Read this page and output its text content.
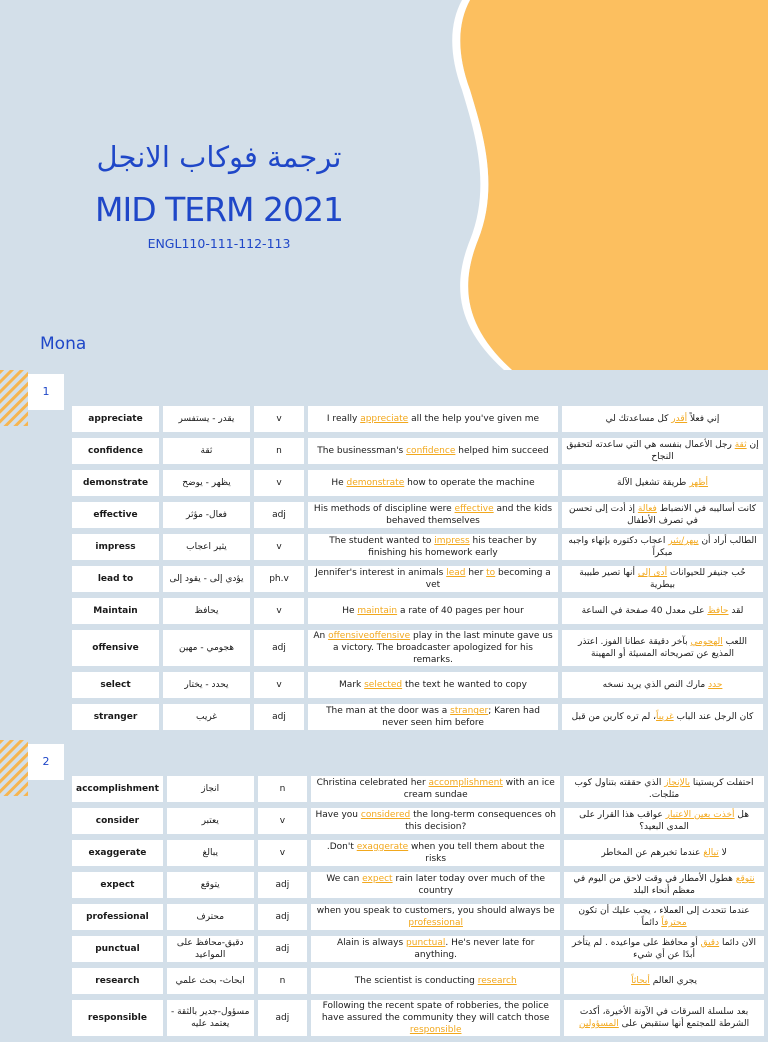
ترجمة فوكاب الانجل
MID TERM 2021
ENGL110-111-112-113
Mona
1
appreciate	يقدر - يستفسر	v	I really appreciate all the help you've given me	إني فعلاً أقدر كل مساعدتك لي
confidence	ثقة	n	The businessman's confidence helped him succeed	إن ثقة رجل الأعمال بنفسه هي التي ساعدته لتحقيق النجاح
demonstrate	يظهر - يوضح	v	He demonstrate how to operate the machine	أظهر طريقة تشغيل الآلة
effective	فعال- مؤثر	adj	His methods of discipline were effective and the kids behaved themselves	كانت أساليبه في الانضباط فعالة إذ أدت إلى تحسن في تصرف الأطفال
impress	يثير اعجاب	v	The student wanted to impress his teacher by finishing his homework early	الطالب أراد أن يبهر/يثير اعجاب دكتوره بإنهاء واجبه مبكراً
lead to	يؤدي إلى - يقود إلى	ph.v	Jennifer's interest in animals lead her to becoming a vet	حُب جنيفر للحيوانات أدى إلى أنها تصير طبيبة بيطرية
Maintain	يحافظ	v	He maintain a rate of 40 pages per hour	لقد حافظ على معدل 40 صفحة في الساعة
offensive	هجومي - مهين	adj	An offensiveoffensive play in the last minute gave us a victory. The broadcaster apologized for his remarks.	اللعب الهجومي بآخر دقيقة عطانا الفوز. اعتذر المذيع عن تصريحاته المسيئة أو المهينة
select	يحدد - يختار	v	Mark selected the text he wanted to copy	حدد مارك النص الذي يريد نسخه
stranger	غريب	adj	The man at the door was a stranger; Karen had never seen him before	كان الرجل عند الباب غريباً، لم تره كارين من قبل
2
accomplishment	انجاز	n	Christina celebrated her accomplishment with an ice cream sundae	احتفلت كريستينا بالإنجاز الذي حققته بتناول كوب مثلجات.
consider	يعتبر	v	Have you considered the long-term consequences oh this decision?	هل أخذت بعين الاعتبار عواقب هذا القرار على المدى البعيد؟
exaggerate	يبالغ	v	.Don't exaggerate when you tell them about the risks	لا تبالغ عندما تخبرهم عن المخاطر
expect	يتوقع	adj	We can expect rain later today over much of the country	نتوقع هطول الأمطار في وقت لاحق من اليوم في معظم أنحاء البلد
professional	محترف	adj	when you speak to customers, you should always be professional	عندما تتحدث إلى العملاء ، يجب عليك أن تكون محترفاً دائماً
punctual	دقيق-محافظ على المواعيد	adj	Alain is always punctual. He's never late for anything.	الان دائما دقيق أو محافظ على مواعيده . لم يتأخر أبدًا عن أي شيء
research	ابحاث- بحث علمي	n	The scientist is conducting research	يجري العالم أبحاثاً
responsible	مسؤول-جدير بالثقة - يعتمد عليه	adj	Following the recent spate of robberies, the police have assured the community they will catch those responsible	بعد سلسلة السرقات في الآونة الأخيرة، أكدت الشرطة للمجتمع أنها ستقبض على المسؤولين
